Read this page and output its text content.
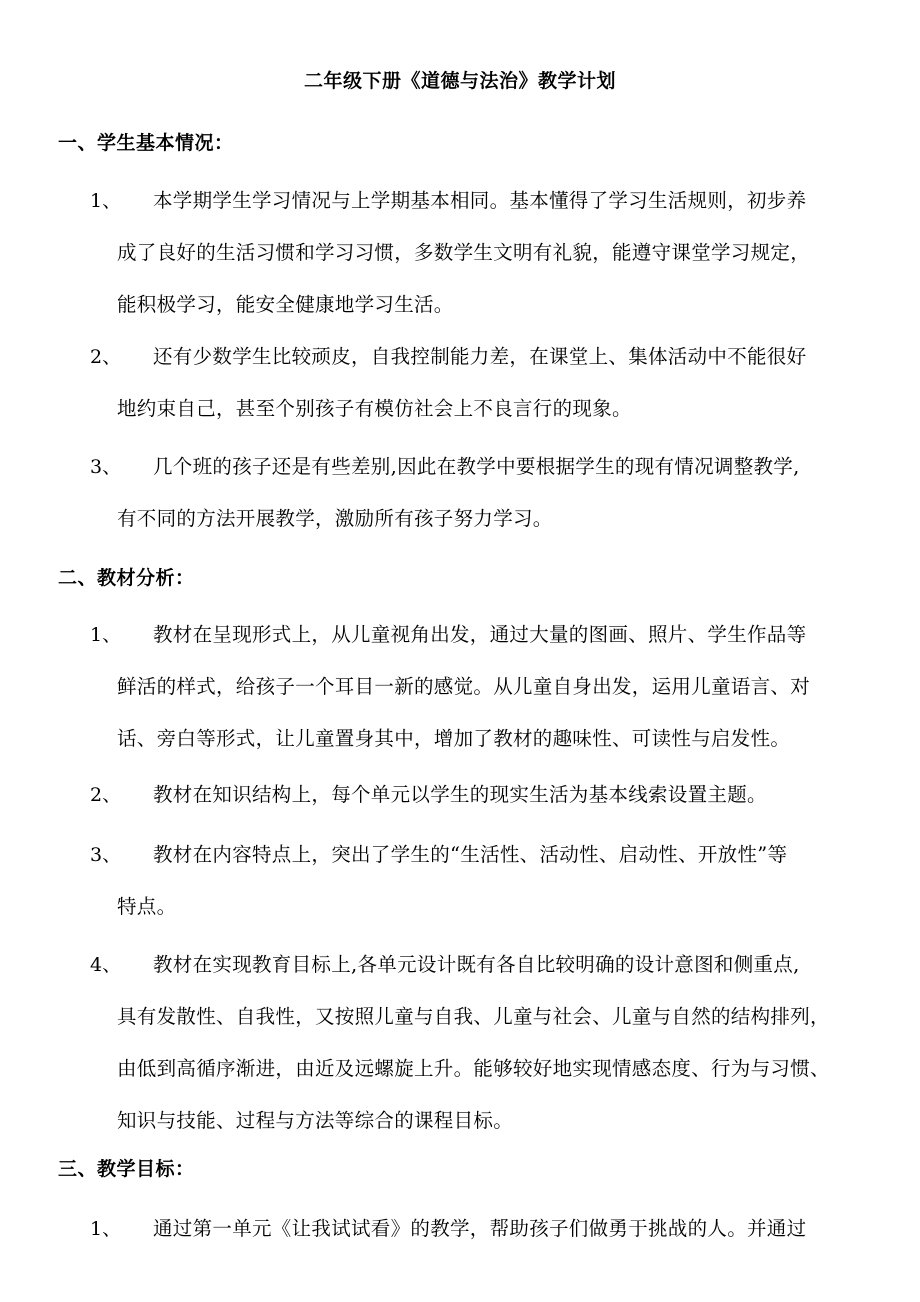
二年级下册《道德与法治》教学计划
一、学生基本情况：
1、 本学期学生学习情况与上学期基本相同。基本懂得了学习生活规则，初步养
成了良好的生活习惯和学习习惯，多数学生文明有礼貌，能遵守课堂学习规定，
能积极学习，能安全健康地学习生活。
2、 还有少数学生比较顽皮，自我控制能力差，在课堂上、集体活动中不能很好
地约束自己，甚至个别孩子有模仿社会上不良言行的现象。
3、 几个班的孩子还是有些差别,因此在教学中要根据学生的现有情况调整教学,
有不同的方法开展教学，激励所有孩子努力学习。
二、教材分析：
1、 教材在呈现形式上，从儿童视角出发，通过大量的图画、照片、学生作品等
鲜活的样式，给孩子一个耳目一新的感觉。从儿童自身出发，运用儿童语言、对
话、旁白等形式，让儿童置身其中，增加了教材的趣味性、可读性与启发性。
2、 教材在知识结构上，每个单元以学生的现实生活为基本线索设置主题。
3、 教材在内容特点上，突出了学生的“生活性、活动性、启动性、开放性”等
特点。
4、 教材在实现教育目标上,各单元设计既有各自比较明确的设计意图和侧重点,
具有发散性、自我性，又按照儿童与自我、儿童与社会、儿童与自然的结构排列，
由低到高循序渐进，由近及远螺旋上升。能够较好地实现情感态度、行为与习惯、
知识与技能、过程与方法等综合的课程目标。
三、教学目标：
1、 通过第一单元《让我试试看》的教学，帮助孩子们做勇于挑战的人。并通过
